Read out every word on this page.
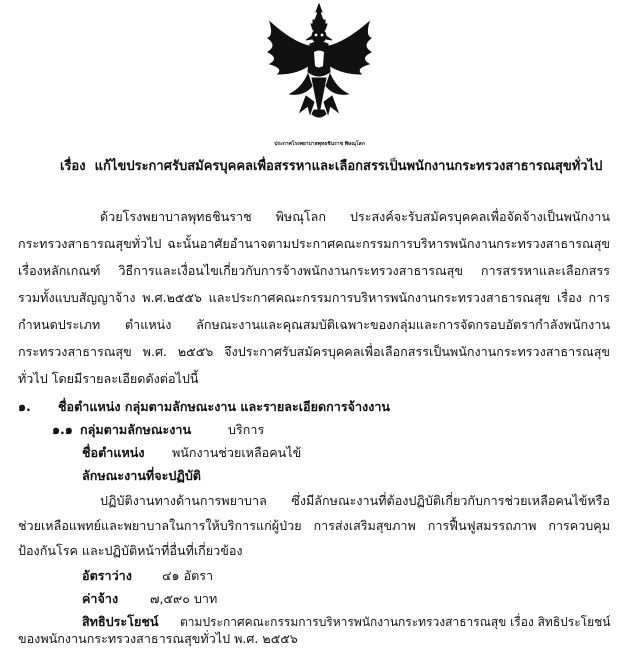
ประกาศโรงพยาบาลพุทธชินราช พิษณุโลก
เรื่อง แก้ไขประกาศรับสมัครบุคคลเพื่อสรรหาและเลือกสรรเป็นพนักงานกระทรวงสาธารณสุขทั่วไป
------------------------------------------
ด้วยโรงพยาบาลพุทธชินราช พิษณุโลก ประสงค์จะรับสมัครบุคคลเพื่อจัดจ้างเป็นพนักงาน
กระทรวงสาธารณสุขทั่วไป ฉะนั้นอาศัยอำนาจตามประกาศคณะกรรมการบริหารพนักงานกระทรวงสาธารณสุข
เรื่องหลักเกณฑ์ วิธีการและเงื่อนไขเกี่ยวกับการจ้างพนักงานกระทรวงสาธารณสุข การสรรหาและเลือกสรร
รวมทั้งแบบสัญญาจ้าง พ.ศ.๒๕๕๖ และประกาศคณะกรรมการบริหารพนักงานกระทรวงสาธารณสุข เรื่อง การ
กำหนดประเภท ตำแหน่ง ลักษณะงานและคุณสมบัติเฉพาะของกลุ่มและการจัดกรอบอัตรากำลังพนักงาน
กระทรวงสาธารณสุข พ.ศ. ๒๕๕๖ จึงประกาศรับสมัครบุคคลเพื่อเลือกสรรเป็นพนักงานกระทรวงสาธารณสุข
ทั่วไป โดยมีรายละเอียดดังต่อไปนี้
๑. ชื่อตำแหน่ง กลุ่มตามลักษณะงาน และรายละเอียดการจ้างงาน
๑.๑ กลุ่มตามลักษณะงาน	บริการ
ชื่อตำแหน่ง พนักงานช่วยเหลือคนไข้
ลักษณะงานที่จะปฏิบัติ
ปฏิบัติงานทางด้านการพยาบาล ซึ่งมีลักษณะงานที่ต้องปฏิบัติเกี่ยวกับการช่วยเหลือคนไข้หรือ
ช่วยเหลือแพทย์และพยาบาลในการให้บริการแก่ผู้ป่วย การส่งเสริมสุขภาพ การฟื้นฟูสมรรถภาพ การควบคุม
ป้องกันโรค และปฏิบัติหน้าที่อื่นที่เกี่ยวข้อง
อัตราว่าง ๔๑ อัตรา
ค่าจ้าง	๗,๕๙๐ บาท
สิทธิประโยชน์ ตามประกาศคณะกรรมการบริหารพนักงานกระทรวงสาธารณสุข เรื่อง สิทธิประโยชน์
ของพนักงานกระทรวงสาธารณสุขทั่วไป พ.ศ. ๒๕๕๖
